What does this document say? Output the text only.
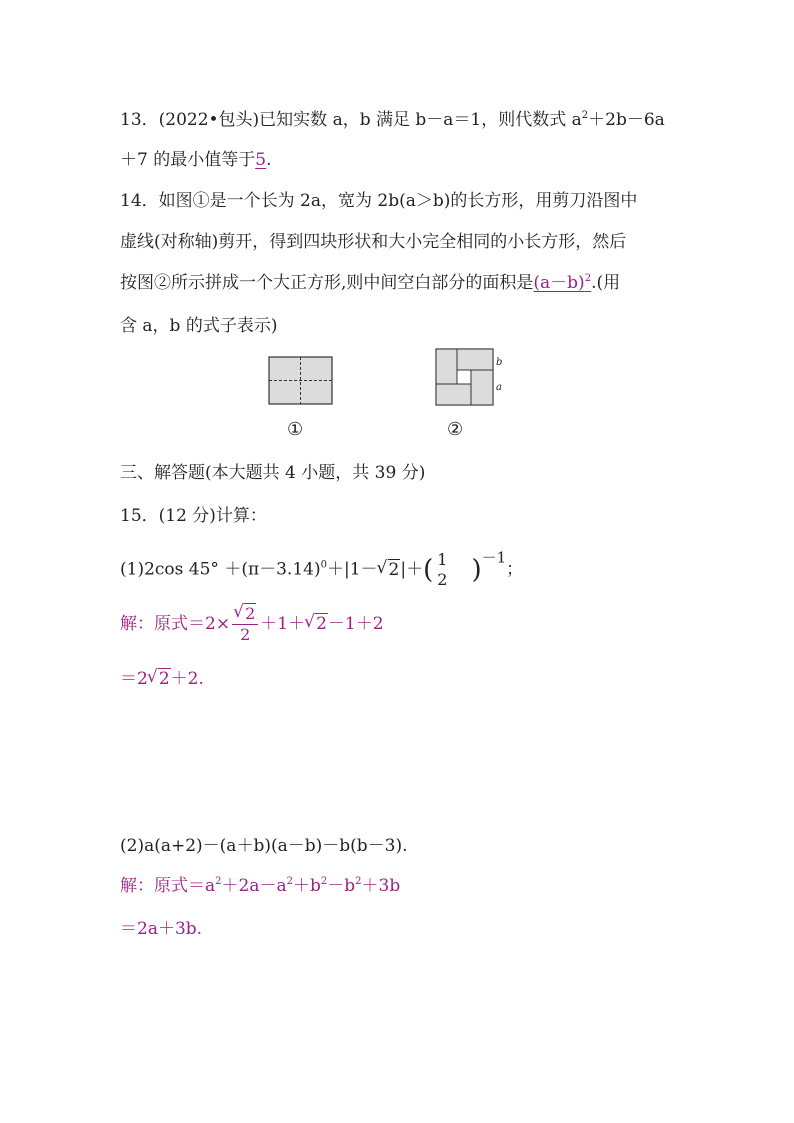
13．(2022•包头)已知实数 a，b 满足 b－a＝1，则代数式 $a^2+2b-6a$
＋7 的最小值等于5.
14．如图①是一个长为 2a，宽为 2b(a＞b)的长方形，用剪刀沿图中
虚线(对称轴)剪开，得到四块形状和大小完全相同的小长方形，然后
按图②所示拼成一个大正方形,则中间空白部分的面积是$(a-b)^2$.(用
含 a，b 的式子表示)
①
b
a
②
三、解答题(本大题共 4 小题，共 39 分)
15．(12 分)计算：
(1)2cos $45^\circ +(\pi-3.14)^0+|1-√$ 2|＋( 1
2 )$^{-1}$；
解：原式＝2×
√ $\frac{2}{2} +1+√$ 2－1＋2
＝2√ 2＋2.
(2)a(a+2)－(a＋b)(a－b)－b(b－3).
解：原式$=a^2+2a-a^2+b^2-b^2+3b$
＝2a＋3b.
